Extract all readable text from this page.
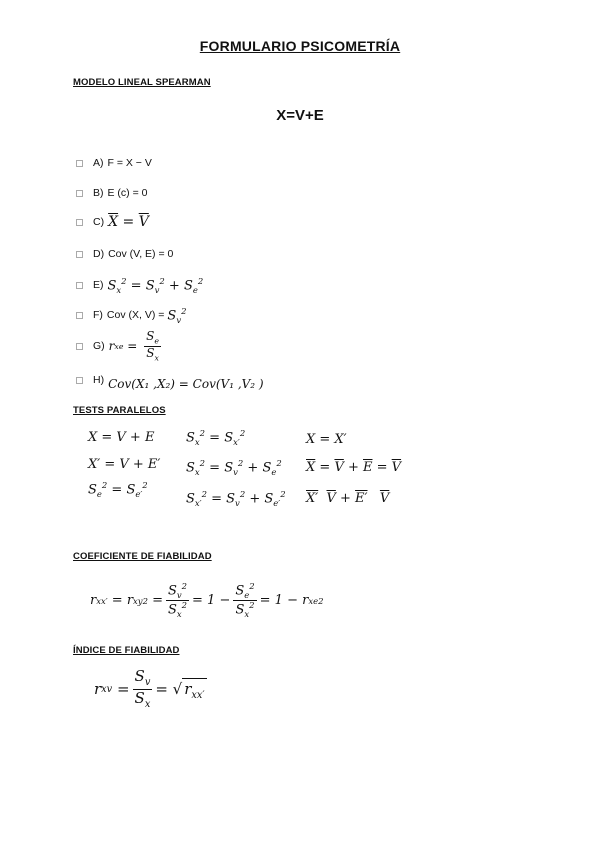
FORMULARIO PSICOMETRÍA
MODELO LINEAL SPEARMAN
X=V+E
A) F = X − V
B) E (c) = 0
C) $\overline{X} = \overline{V}$
D) Cov (V, E) = 0
E) $S_x^2 = S_v^2 + S_e^2$
F) Cov (X, $V) = S_v^2$
G) r xe = $\frac{S_e}{S_x}$
H) Cov(X₁ ,X₂) = Cov(V₁ ,V₂ )
TESTS PARALELOS
X = V + E
X′ = V + E′
$S_e^2 = S_{e'}^2$
$S_x^2 = S_{x'}^2$
$S_x^2 = S_v^2 + S_e^2$
$S_{x'}^2 = S_v^2 + S_{e'}^2$
X = X′
$\overline{X} = \overline{V} + \overline{E} = \overline{V}$
X′ $\overline{V} + E'$ $\overline{V}$
COEFICIENTE DE FIABILIDAD
r xx′ = r xy $2 = \frac{S_v^2}{S_x^2} = 1 - \frac{S_e^2}{S_x^2} = 1 - r$ xe 2
ÍNDICE DE FIABILIDAD
r xv = $\frac{S_v}{S_x}$ = √ $r_{xx'}$
